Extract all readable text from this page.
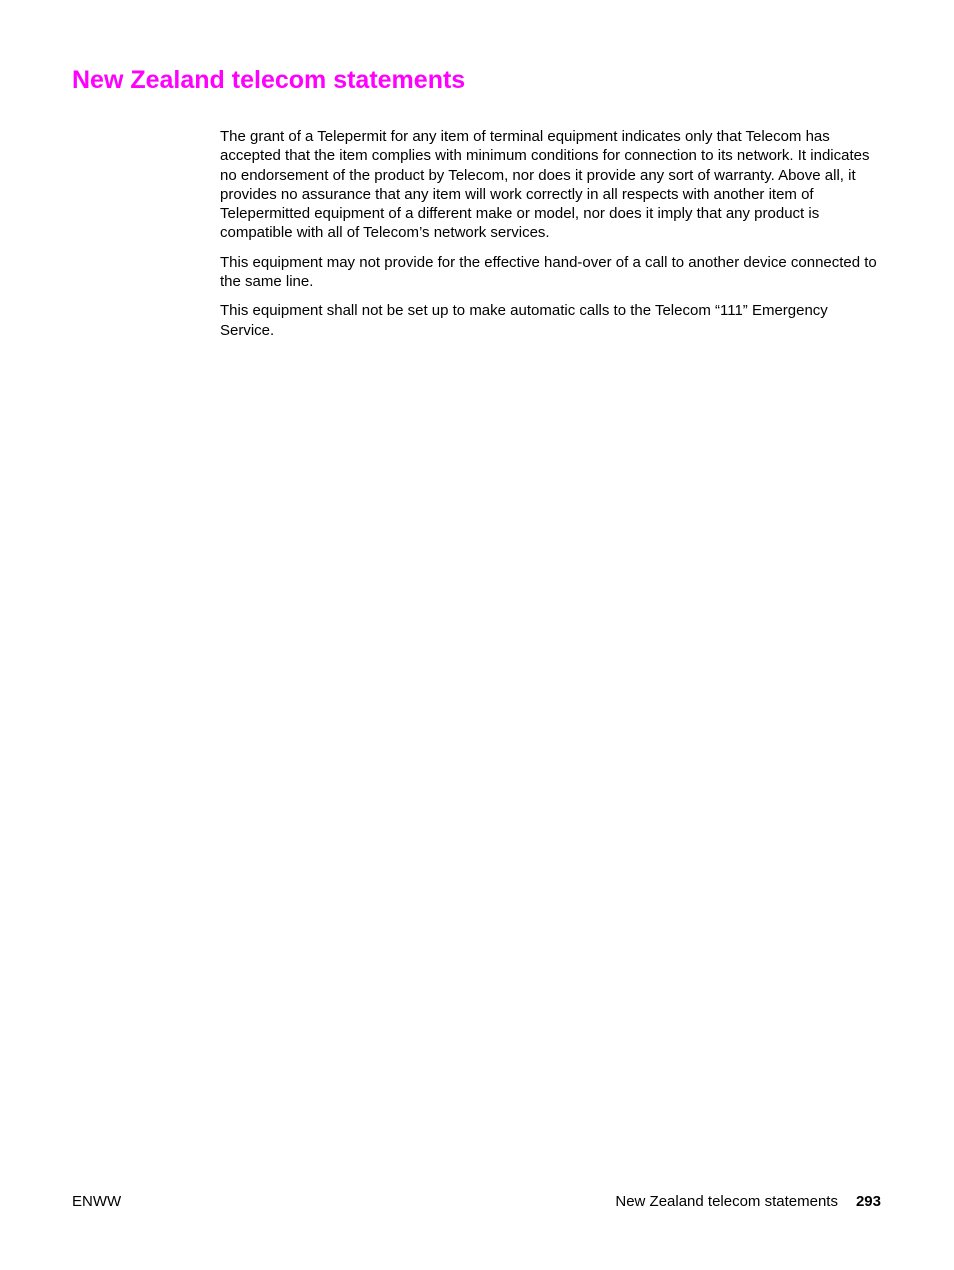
New Zealand telecom statements

The grant of a Telepermit for any item of terminal equipment indicates only that Telecom has accepted that the item complies with minimum conditions for connection to its network. It indicates no endorsement of the product by Telecom, nor does it provide any sort of warranty. Above all, it provides no assurance that any item will work correctly in all respects with another item of Telepermitted equipment of a different make or model, nor does it imply that any product is compatible with all of Telecom’s network services.

This equipment may not provide for the effective hand-over of a call to another device connected to the same line.

This equipment shall not be set up to make automatic calls to the Telecom “111” Emergency Service.

ENWW	New Zealand telecom statements 293
